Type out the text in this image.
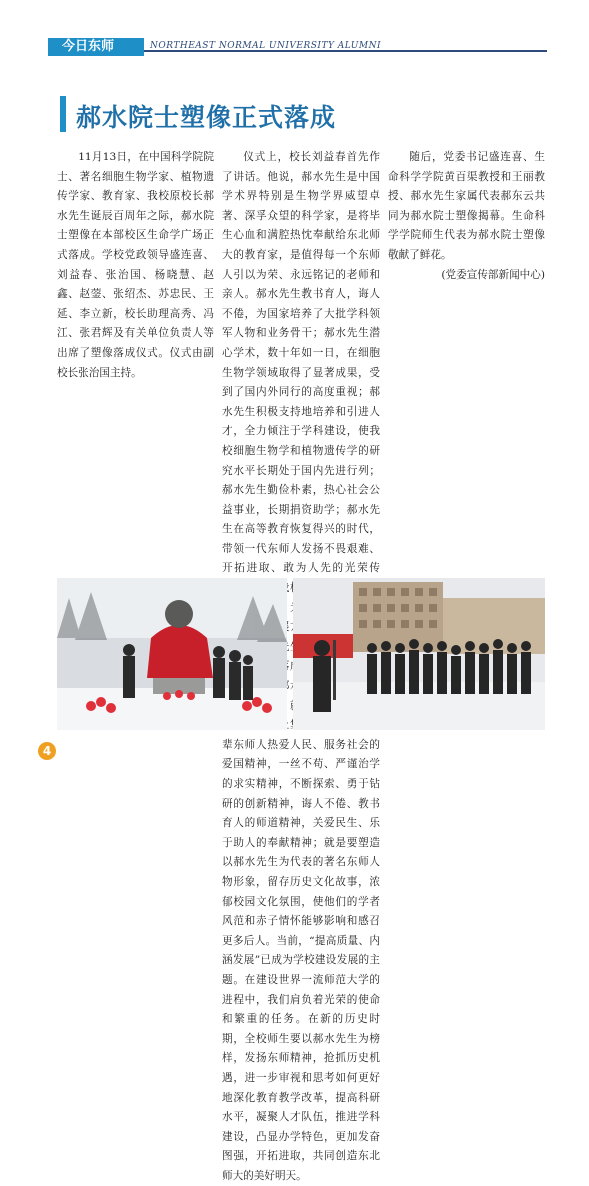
今日东师	NORTHEAST NORMAL UNIVERSITY ALUMNI
郝水院士塑像正式落成

11月13日，在中国科学院院士、著名细胞生物学家、植物遗传学家、教育家、我校原校长郝水先生诞辰百周年之际，郝水院士塑像在本部校区生命学广场正式落成。学校党政领导盛连喜、刘益春、张治国、杨晓慧、赵鑫、赵蓥、张绍杰、苏忠民、王延、李立新，校长助理高秀、冯江、张君辉及有关单位负责人等出席了塑像落成仪式。仪式由副校长张治国主持。

仪式上，校长刘益春首先作了讲话。他说，郝水先生是中国学术界特别是生物学界威望卓著、深孚众望的科学家，是将毕生心血和满腔热忱奉献给东北师大的教育家，是值得每一个东师人引以为荣、永远铭记的老师和亲人。郝水先生教书育人，诲人不倦，为国家培养了大批学科领军人物和业务骨干；郝水先生潜心学术，数十年如一日，在细胞生物学领域取得了显著成果，受到了国内外同行的高度重视；郝水先生积极支持地培养和引进人才，全力倾注于学科建设，使我校细胞生物学和植物遗传学的研究水平长期处于国内先进行列；郝水先生勤俭朴素，热心社会公益事业，长期捐资助学；郝水先生在高等教育恢复得兴的时代，带领一代东师人发扬不畏艰难、开拓进取、敢为人先的光荣传 我校 ，为 生身上集中体 辈东师人热爱人民、服务社会的爱国精神，一丝不苟、严谨治学的求实精神，不断探索、勇于钻研的创新精神，诲人不倦、教书育人的师道精神，关爱民生、乐于助人的奉献精神；就是要塑造以郝水先生为代表的著名东师人物形象，留存历史文化故事，浓郁校园文化氛围，使他们的学者风范和赤子情怀能够影响和感召更多后人。当前，“提高质量、内涵发展”已成为学校建设发展的主题。在建设世界一流师范大学的进程中，我们肩负着光荣的使命和繁重的任务。在新的历史时期，全校师生要以郝水先生为榜样，发扬东师精神，抢抓历史机遇，进一步审视和思考如何更好地深化教育教学改革，提高科研水平，凝聚人才队伍，推进学科建设，凸显办学特色，更加发奋图强，开拓进取，共同创造东北师大的美好明天。

随后，党委书记盛连喜、生命科学学院黄百渠教授和王丽教授、郝水先生家属代表郝东云共同为郝水院士塑像揭幕。生命科学学院师生代表为郝水院士塑像敬献了鲜花。

(党委宣传部新闻中心)

4
